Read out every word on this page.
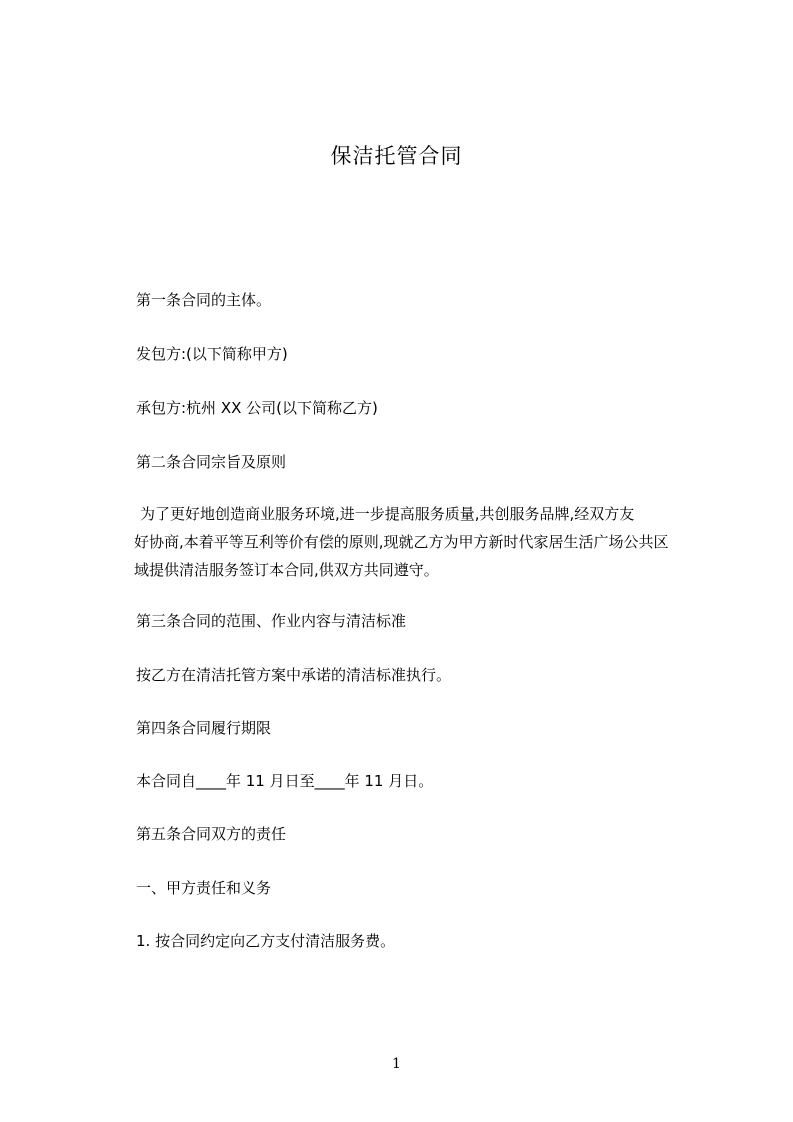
保洁托管合同
第一条合同的主体。
发包方:(以下简称甲方)
承包方:杭州 XX 公司(以下简称乙方)
第二条合同宗旨及原则
为了更好地创造商业服务环境,进一步提高服务质量,共创服务品牌,经双方友
好协商,本着平等互利等价有偿的原则,现就乙方为甲方新时代家居生活广场公共区
域提供清洁服务签订本合同,供双方共同遵守。
第三条合同的范围、作业内容与清洁标准
按乙方在清洁托管方案中承诺的清洁标准执行。
第四条合同履行期限
本合同自____年 11 月日至____年 11 月日。
第五条合同双方的责任
一、甲方责任和义务
1. 按合同约定向乙方支付清洁服务费。
1
